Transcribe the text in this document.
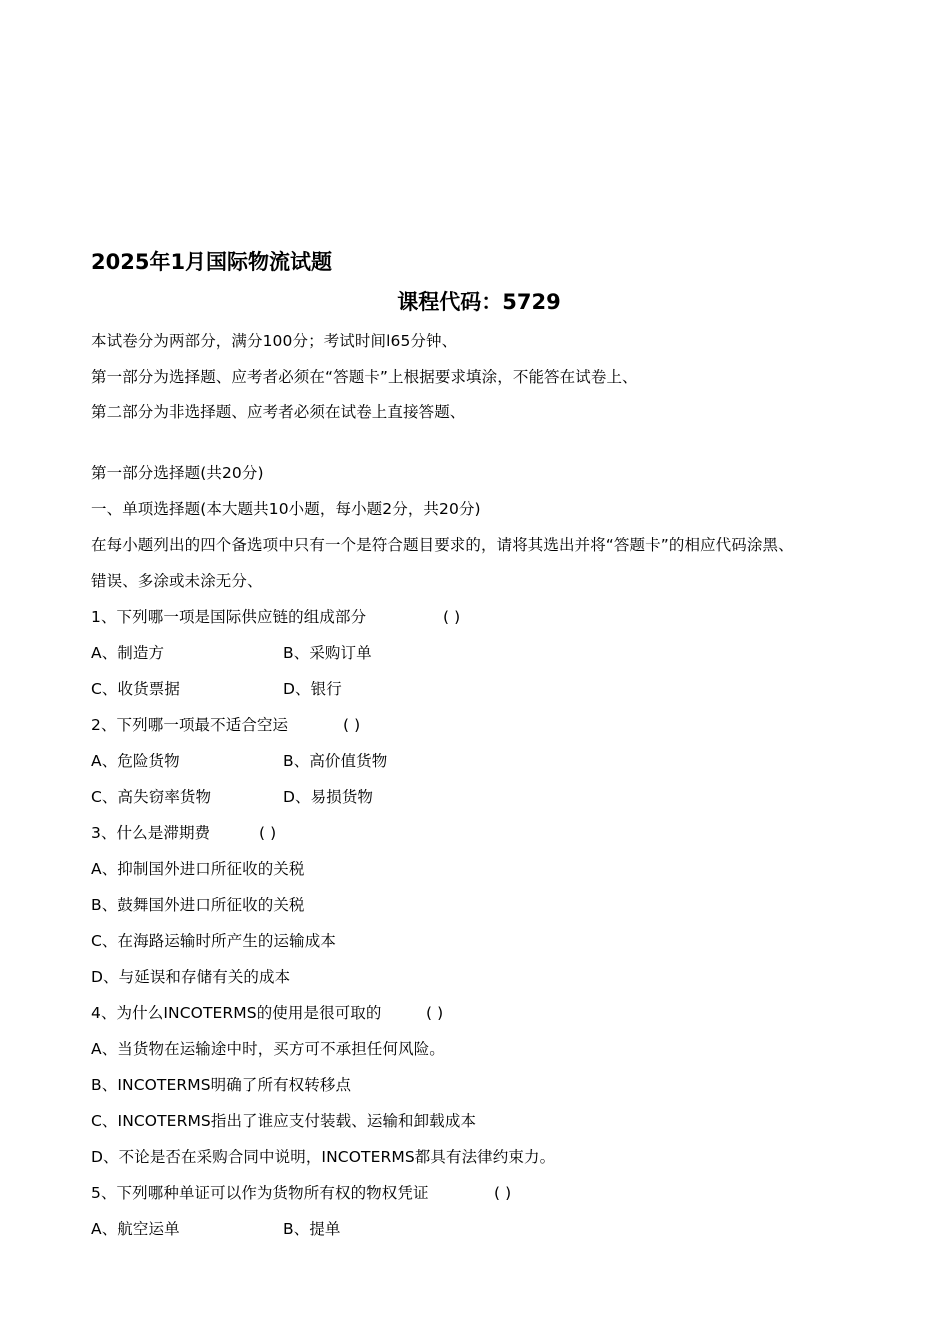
2025年1月国际物流试题
课程代码：5729
本试卷分为两部分，满分100分；考试时间l65分钟、
第一部分为选择题、应考者必须在“答题卡”上根据要求填涂，不能答在试卷上、
第二部分为非选择题、应考者必须在试卷上直接答题、
第一部分选择题(共20分)
一、单项选择题(本大题共10小题，每小题2分，共20分)
在每小题列出的四个备选项中只有一个是符合题目要求的，请将其选出并将“答题卡”的相应代码涂黑、
错误、多涂或未涂无分、
1、下列哪一项是国际供应链的组成部分	( )
A、制造方	B、采购订单
C、收货票据	D、银行
2、下列哪一项最不适合空运	( )
A、危险货物	B、高价值货物
C、高失窃率货物	D、易损货物
3、什么是滞期费	( )
A、抑制国外进口所征收的关税
B、鼓舞国外进口所征收的关税
C、在海路运输时所产生的运输成本
D、与延误和存储有关的成本
4、为什么INCOTERMS的使用是很可取的	( )
A、当货物在运输途中时，买方可不承担任何风险。
B、INCOTERMS明确了所有权转移点
C、INCOTERMS指出了谁应支付装载、运输和卸载成本
D、不论是否在采购合同中说明，INCOTERMS都具有法律约束力。
5、下列哪种单证可以作为货物所有权的物权凭证	( )
A、航空运单	B、提单
